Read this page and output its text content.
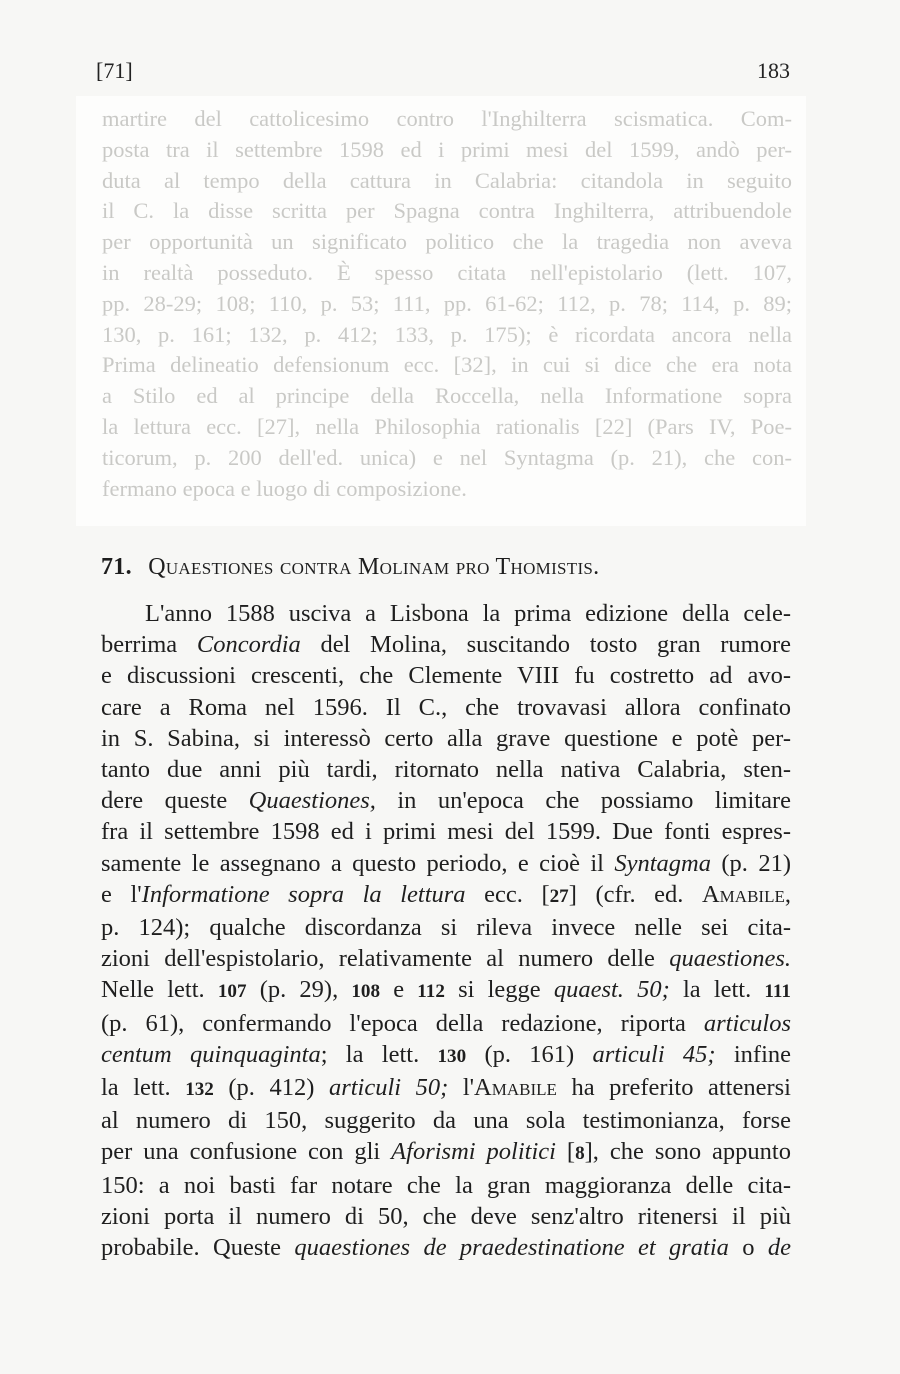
[71]	183
martire del cattolicesimo contro l'Inghilterra scismatica. Com-
posta tra il settembre 1598 ed i primi mesi del 1599, andò per-
duta al tempo della cattura in Calabria: citandola in seguito
il C. la disse scritta per Spagna contra Inghilterra, attribuendole
per opportunità un significato politico che la tragedia non aveva
in realtà posseduto. È spesso citata nell'epistolario (lett. 107,
pp. 28-29; 108; 110, p. 53; 111, pp. 61-62; 112, p. 78; 114, p. 89;
130, p. 161; 132, p. 412; 133, p. 175); è ricordata ancora nella
Prima delineatio defensionum ecc. [32], in cui si dice che era nota
a Stilo ed al principe della Roccella, nella Informatione sopra
la lettura ecc. [27], nella Philosophia rationalis [22] (Pars IV, Poe-
ticorum, p. 200 dell'ed. unica) e nel Syntagma (p. 21), che con-
fermano epoca e luogo di composizione.
71. Quaestiones contra Molinam pro Thomistis.
L'anno 1588 usciva a Lisbona la prima edizione della cele-
berrima Concordia del Molina, suscitando tosto gran rumore
e discussioni crescenti, che Clemente VIII fu costretto ad avo-
care a Roma nel 1596. Il C., che trovavasi allora confinato
in S. Sabina, si interessò certo alla grave questione e potè per-
tanto due anni più tardi, ritornato nella nativa Calabria, sten-
dere queste Quaestiones, in un'epoca che possiamo limitare
fra il settembre 1598 ed i primi mesi del 1599. Due fonti espres-
samente le assegnano a questo periodo, e cioè il Syntagma (p. 21)
e l'Informatione sopra la lettura ecc. [27] (cfr. ed. Amabile,
p. 124); qualche discordanza si rileva invece nelle sei cita-
zioni dell'espistolario, relativamente al numero delle quaestiones.
Nelle lett. 107 (p. 29), 108 e 112 si legge quaest. 50; la lett. 111
(p. 61), confermando l'epoca della redazione, riporta articulos
centum quinquaginta; la lett. 130 (p. 161) articuli 45; infine
la lett. 132 (p. 412) articuli 50; l'Amabile ha preferito attenersi
al numero di 150, suggerito da una sola testimonianza, forse
per una confusione con gli Aforismi politici [8], che sono appunto
150: a noi basti far notare che la gran maggioranza delle cita-
zioni porta il numero di 50, che deve senz'altro ritenersi il più
probabile. Queste quaestiones de praedestinatione et gratia o de
